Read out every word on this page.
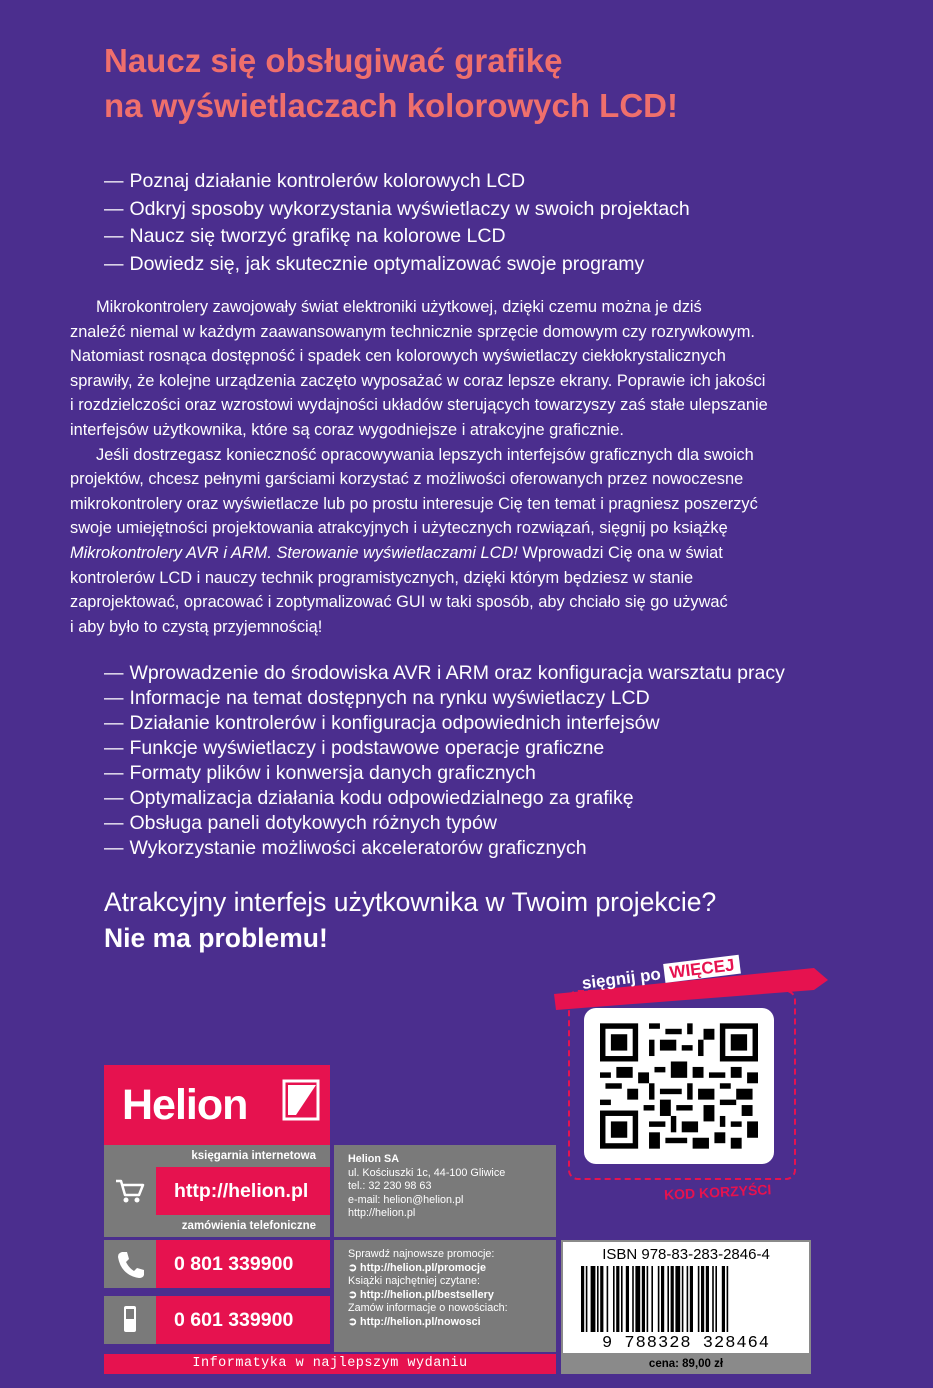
Naucz się obsługiwać grafikę
na wyświetlaczach kolorowych LCD!
— Poznaj działanie kontrolerów kolorowych LCD
— Odkryj sposoby wykorzystania wyświetlaczy w swoich projektach
— Naucz się tworzyć grafikę na kolorowe LCD
— Dowiedz się, jak skutecznie optymalizować swoje programy
Mikrokontrolery zawojowały świat elektroniki użytkowej, dzięki czemu można je dziś
znaleźć niemal w każdym zaawansowanym technicznie sprzęcie domowym czy rozrywkowym.
Natomiast rosnąca dostępność i spadek cen kolorowych wyświetlaczy ciekłokrystalicznych
sprawiły, że kolejne urządzenia zaczęto wyposażać w coraz lepsze ekrany. Poprawie ich jakości
i rozdzielczości oraz wzrostowi wydajności układów sterujących towarzyszy zaś stałe ulepszanie
interfejsów użytkownika, które są coraz wygodniejsze i atrakcyjne graficznie.
Jeśli dostrzegasz konieczność opracowywania lepszych interfejsów graficznych dla swoich
projektów, chcesz pełnymi garściami korzystać z możliwości oferowanych przez nowoczesne
mikrokontrolery oraz wyświetlacze lub po prostu interesuje Cię ten temat i pragniesz poszerzyć
swoje umiejętności projektowania atrakcyjnych i użytecznych rozwiązań, sięgnij po książkę
Mikrokontrolery AVR i ARM. Sterowanie wyświetlaczami LCD! Wprowadzi Cię ona w świat
kontrolerów LCD i nauczy technik programistycznych, dzięki którym będziesz w stanie
zaprojektować, opracować i zoptymalizować GUI w taki sposób, aby chciało się go używać
i aby było to czystą przyjemnością!
— Wprowadzenie do środowiska AVR i ARM oraz konfiguracja warsztatu pracy
— Informacje na temat dostępnych na rynku wyświetlaczy LCD
— Działanie kontrolerów i konfiguracja odpowiednich interfejsów
— Funkcje wyświetlaczy i podstawowe operacje graficzne
— Formaty plików i konwersja danych graficznych
— Optymalizacja działania kodu odpowiedzialnego za grafikę
— Obsługa paneli dotykowych różnych typów
— Wykorzystanie możliwości akceleratorów graficznych
Atrakcyjny interfejs użytkownika w Twoim projekcie?
Nie ma problemu!
sięgnij po WIĘCEJ
KOD KORZYŚCI
Helion
księgarnia internetowa
http://helion.pl
zamówienia telefoniczne
0 801 339900
0 601 339900
Helion SA
ul. Kościuszki 1c, 44-100 Gliwice
tel.: 32 230 98 63
e-mail: helion@helion.pl
http://helion.pl
Sprawdź najnowsze promocje:
➲ http://helion.pl/promocje
Książki najchętniej czytane:
➲ http://helion.pl/bestsellery
Zamów informacje o nowościach:
➲ http://helion.pl/nowosci
Informatyka w najlepszym wydaniu
ISBN 978-83-283-2846-4
9 788328 328464
cena: 89,00 zł
